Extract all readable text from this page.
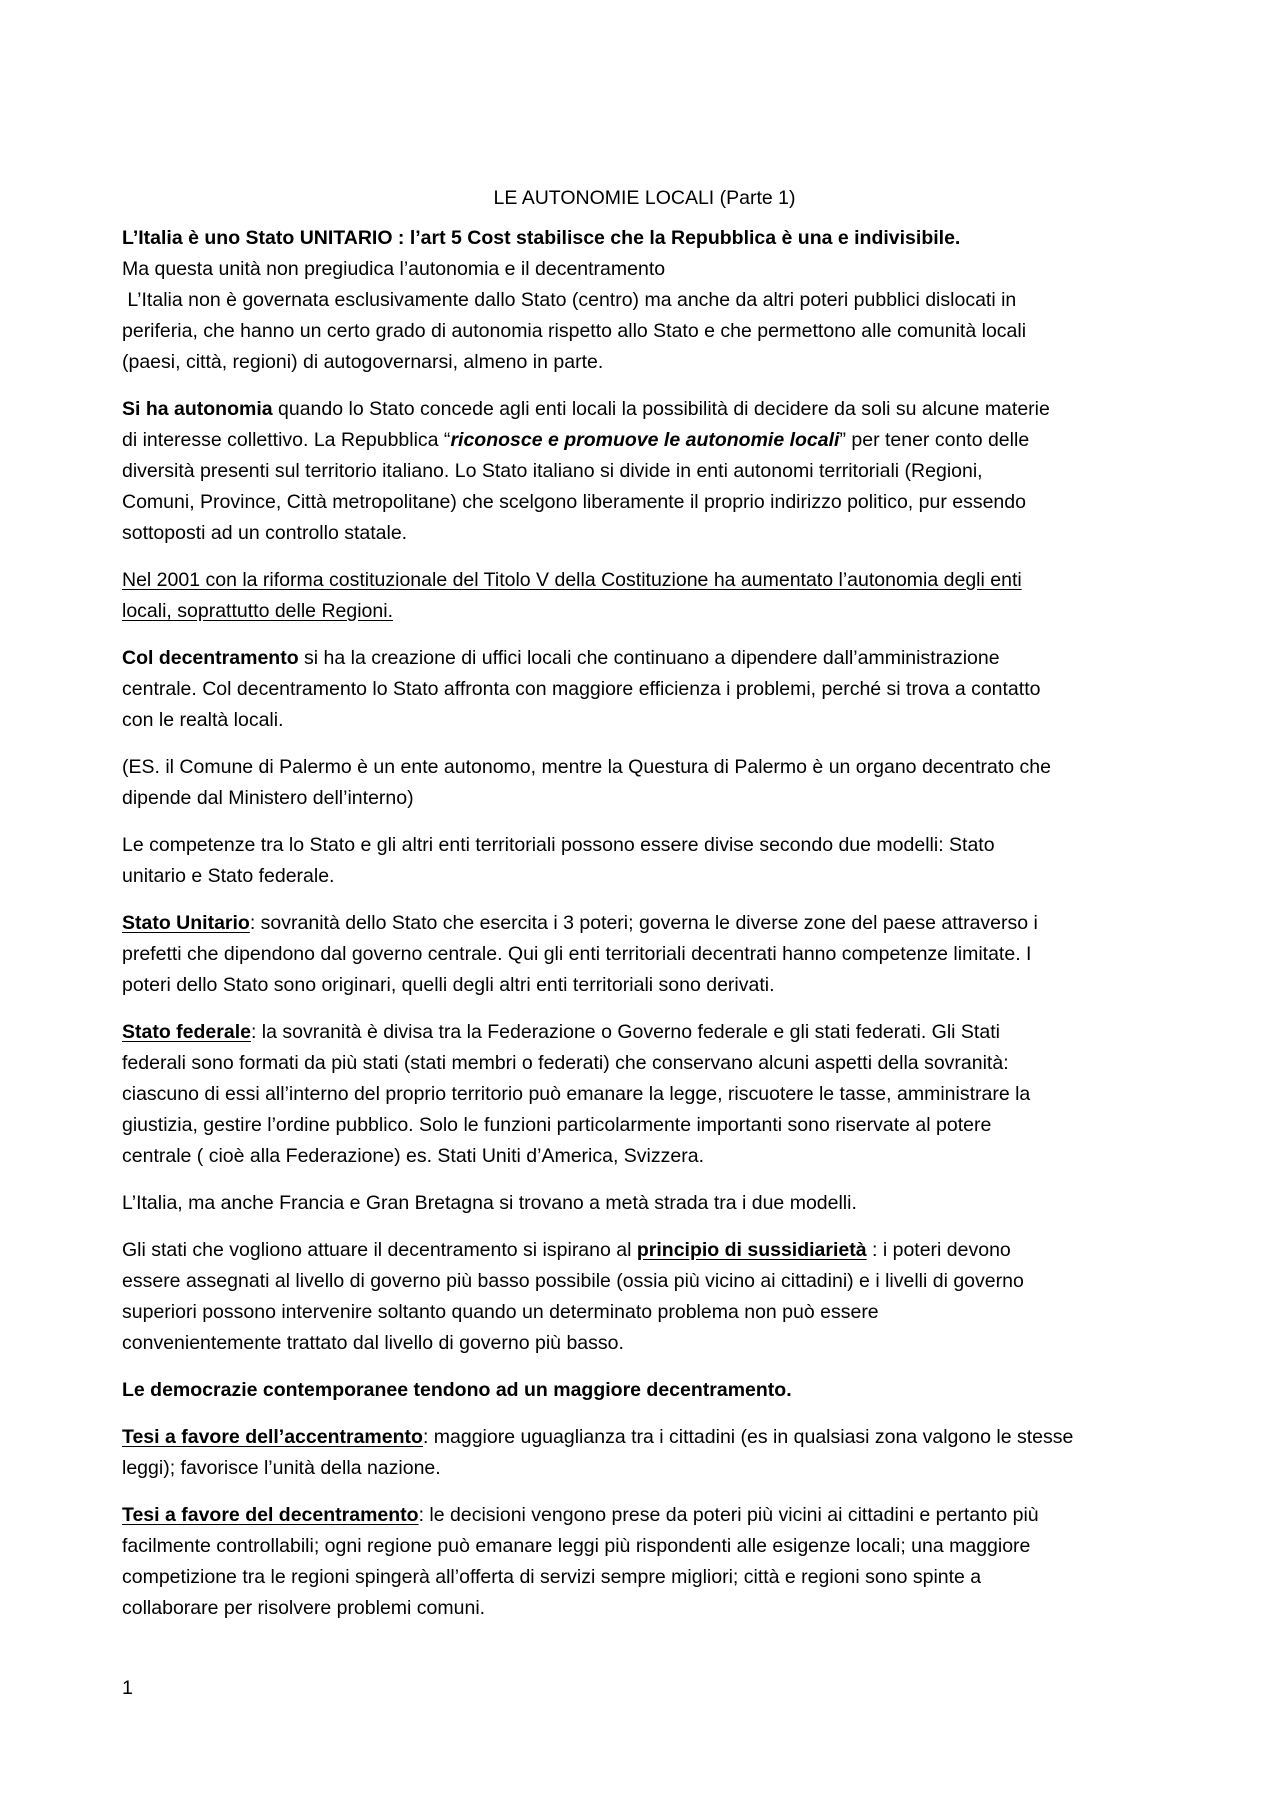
LE AUTONOMIE LOCALI (Parte 1)

L’Italia è uno Stato UNITARIO : l’art 5 Cost stabilisce che la Repubblica è una e indivisibile.
Ma questa unità non pregiudica l’autonomia e il decentramento
L’Italia non è governata esclusivamente dallo Stato (centro) ma anche da altri poteri pubblici dislocati in
periferia, che hanno un certo grado di autonomia rispetto allo Stato e che permettono alle comunità locali
(paesi, città, regioni) di autogovernarsi, almeno in parte.

Si ha autonomia quando lo Stato concede agli enti locali la possibilità di decidere da soli su alcune materie
di interesse collettivo. La Repubblica “riconosce e promuove le autonomie locali” per tener conto delle
diversità presenti sul territorio italiano. Lo Stato italiano si divide in enti autonomi territoriali (Regioni,
Comuni, Province, Città metropolitane) che scelgono liberamente il proprio indirizzo politico, pur essendo
sottoposti ad un controllo statale.

Nel 2001 con la riforma costituzionale del Titolo V della Costituzione ha aumentato l’autonomia degli enti
locali, soprattutto delle Regioni.

Col decentramento si ha la creazione di uffici locali che continuano a dipendere dall’amministrazione
centrale. Col decentramento lo Stato affronta con maggiore efficienza i problemi, perché si trova a contatto
con le realtà locali.

(ES. il Comune di Palermo è un ente autonomo, mentre la Questura di Palermo è un organo decentrato che
dipende dal Ministero dell’interno)

Le competenze tra lo Stato e gli altri enti territoriali possono essere divise secondo due modelli: Stato
unitario e Stato federale.

Stato Unitario: sovranità dello Stato che esercita i 3 poteri; governa le diverse zone del paese attraverso i
prefetti che dipendono dal governo centrale. Qui gli enti territoriali decentrati hanno competenze limitate. I
poteri dello Stato sono originari, quelli degli altri enti territoriali sono derivati.

Stato federale: la sovranità è divisa tra la Federazione o Governo federale e gli stati federati. Gli Stati
federali sono formati da più stati (stati membri o federati) che conservano alcuni aspetti della sovranità:
ciascuno di essi all’interno del proprio territorio può emanare la legge, riscuotere le tasse, amministrare la
giustizia, gestire l’ordine pubblico. Solo le funzioni particolarmente importanti sono riservate al potere
centrale ( cioè alla Federazione) es. Stati Uniti d’America, Svizzera.

L’Italia, ma anche Francia e Gran Bretagna si trovano a metà strada tra i due modelli.

Gli stati che vogliono attuare il decentramento si ispirano al principio di sussidiarietà : i poteri devono
essere assegnati al livello di governo più basso possibile (ossia più vicino ai cittadini) e i livelli di governo
superiori possono intervenire soltanto quando un determinato problema non può essere
convenientemente trattato dal livello di governo più basso.

Le democrazie contemporanee tendono ad un maggiore decentramento.

Tesi a favore dell’accentramento: maggiore uguaglianza tra i cittadini (es in qualsiasi zona valgono le stesse
leggi); favorisce l’unità della nazione.

Tesi a favore del decentramento: le decisioni vengono prese da poteri più vicini ai cittadini e pertanto più
facilmente controllabili; ogni regione può emanare leggi più rispondenti alle esigenze locali; una maggiore
competizione tra le regioni spingerà all’offerta di servizi sempre migliori; città e regioni sono spinte a
collaborare per risolvere problemi comuni.

1
